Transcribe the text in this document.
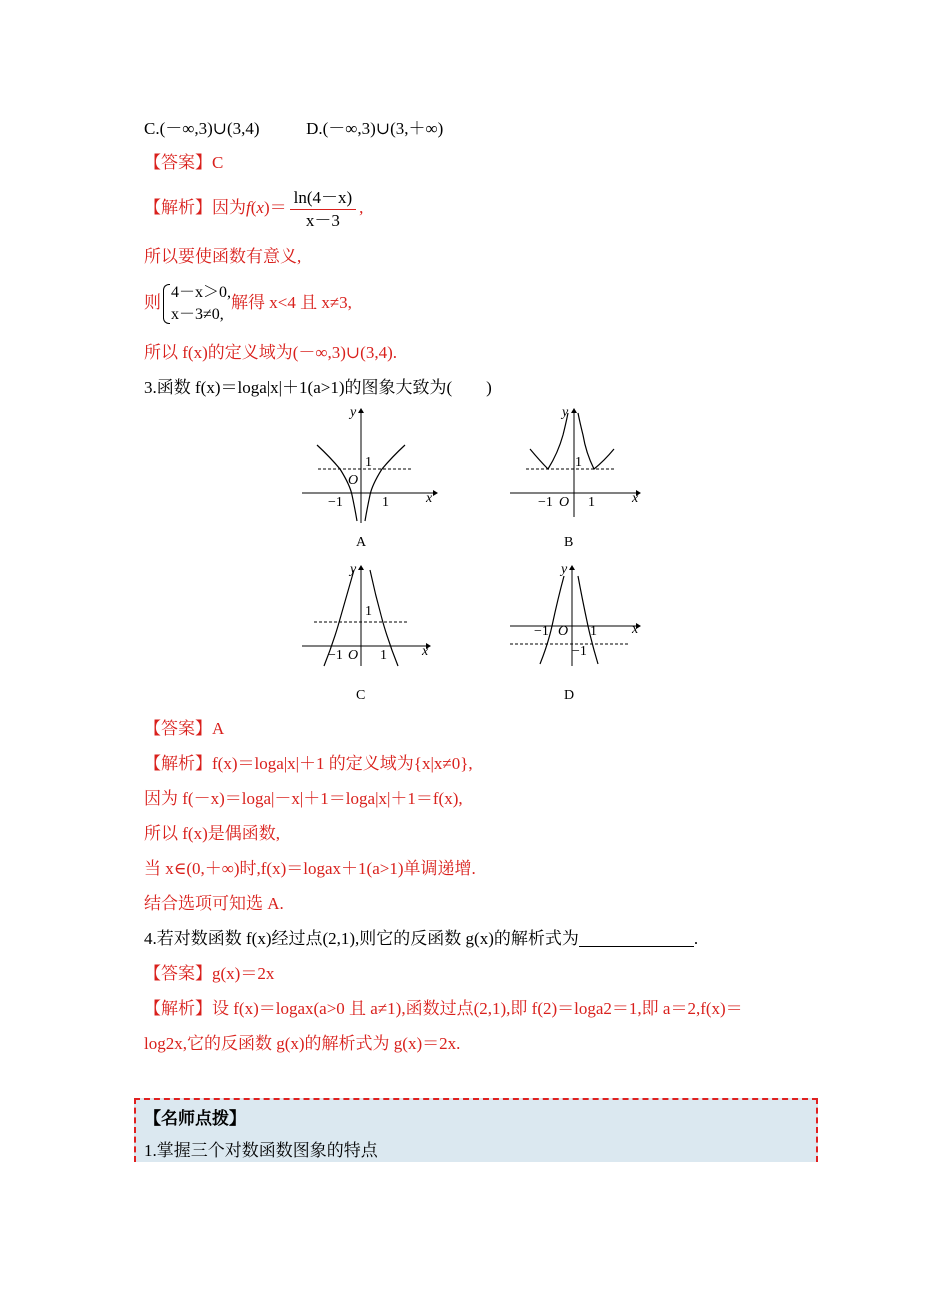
C.(－∞,3)∪(3,4)	D.(－∞,3)∪(3,＋∞)
【答案】C
【解析】因为$f(x)= \frac{\ln(4-x)}{x-3}$ ,
所以要使函数有意义,
则
4－x＞0,
x－3≠0,
解得 x<4 且 x≠3,
所以 f(x)的定义域为(－∞,3)∪(3,4).
3.函数 f(x)＝loga|x|＋1(a>1)的图象大致为(　　)
y
x
1
O
−1	1
A
y
x
1
−1 O 1
B
y
x
1
−1 O 1
C
y
x
−1 O 1
−1
D
【答案】A
【解析】f(x)＝loga|x|＋1 的定义域为{x|x≠0},
因为 f(－x)＝loga|－x|＋1＝loga|x|＋1＝f(x),
所以 f(x)是偶函数,
当 x∈(0,＋∞)时,f(x)＝logax＋1(a>1)单调递增.
结合选项可知选 A.
4.若对数函数 f(x)经过点(2,1),则它的反函数 g(x)的解析式为	.
【答案】g(x)＝2x
【解析】设 f(x)＝logax(a>0 且 a≠1),函数过点(2,1),即 f(2)＝loga2＝1,即 a＝2,f(x)＝
log2x,它的反函数 g(x)的解析式为 g(x)＝2x.
【名师点拨】
1.掌握三个对数函数图象的特点
